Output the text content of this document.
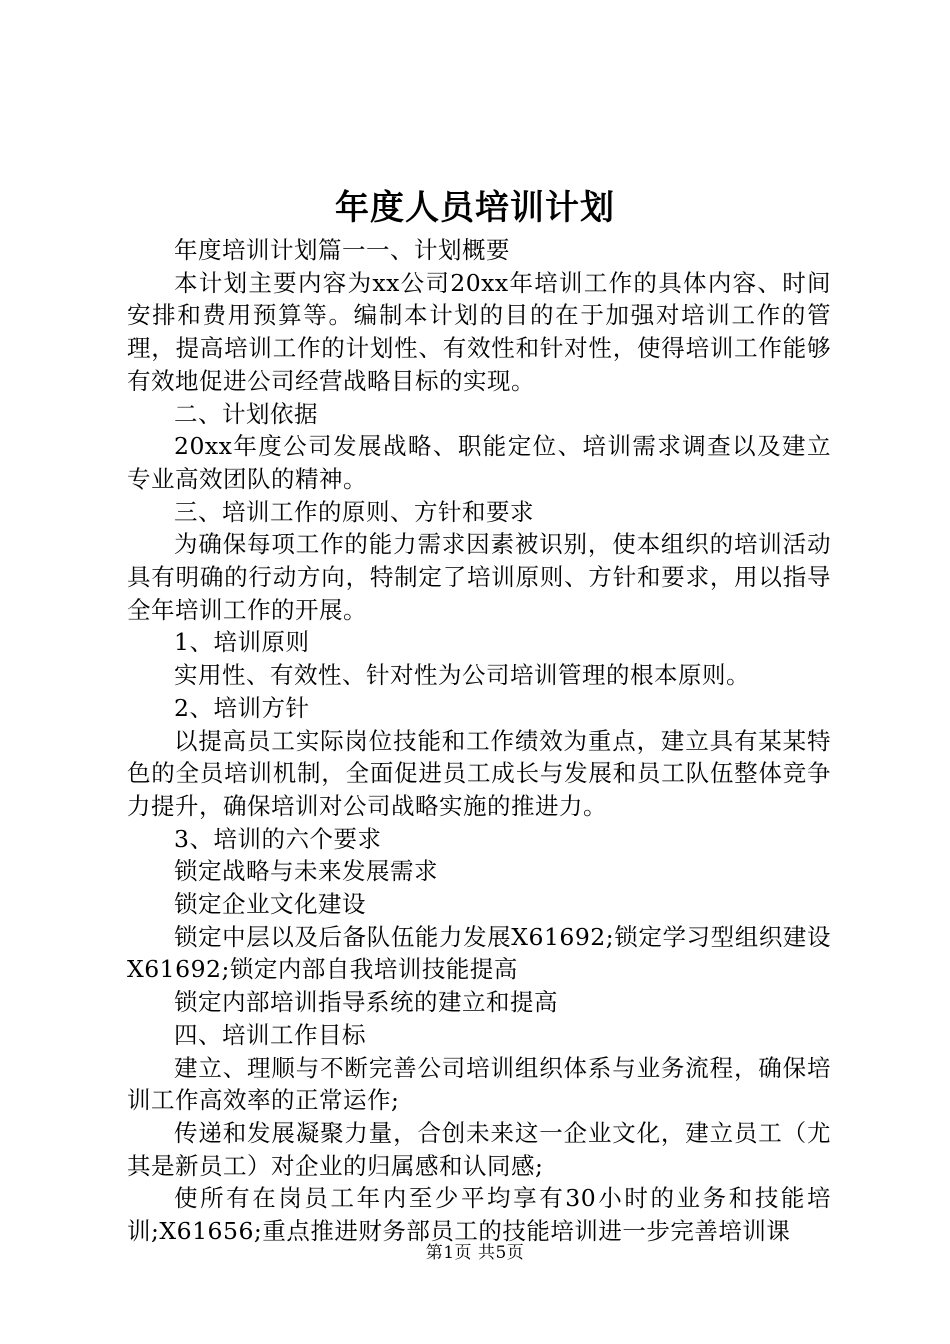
年度人员培训计划

年度培训计划篇一一、计划概要

本计划主要内容为xx公司20xx年培训工作的具体内容、时间安排和费用预算等。编制本计划的目的在于加强对培训工作的管理，提高培训工作的计划性、有效性和针对性，使得培训工作能够有效地促进公司经营战略目标的实现。

二、计划依据

20xx年度公司发展战略、职能定位、培训需求调查以及建立专业高效团队的精神。

三、培训工作的原则、方针和要求

为确保每项工作的能力需求因素被识别，使本组织的培训活动具有明确的行动方向，特制定了培训原则、方针和要求，用以指导全年培训工作的开展。

1、培训原则

实用性、有效性、针对性为公司培训管理的根本原则。

2、培训方针

以提高员工实际岗位技能和工作绩效为重点，建立具有某某特色的全员培训机制，全面促进员工成长与发展和员工队伍整体竞争力提升，确保培训对公司战略实施的推进力。

3、培训的六个要求

锁定战略与未来发展需求

锁定企业文化建设

锁定中层以及后备队伍能力发展X61692;锁定学习型组织建设X61692;锁定内部自我培训技能提高

锁定内部培训指导系统的建立和提高

四、培训工作目标

建立、理顺与不断完善公司培训组织体系与业务流程，确保培训工作高效率的正常运作;

传递和发展凝聚力量，合创未来这一企业文化，建立员工（尤其是新员工）对企业的归属感和认同感;

使所有在岗员工年内至少平均享有30小时的业务和技能培训;X61656;重点推进财务部员工的技能培训进一步完善培训课

第1页 共5页
